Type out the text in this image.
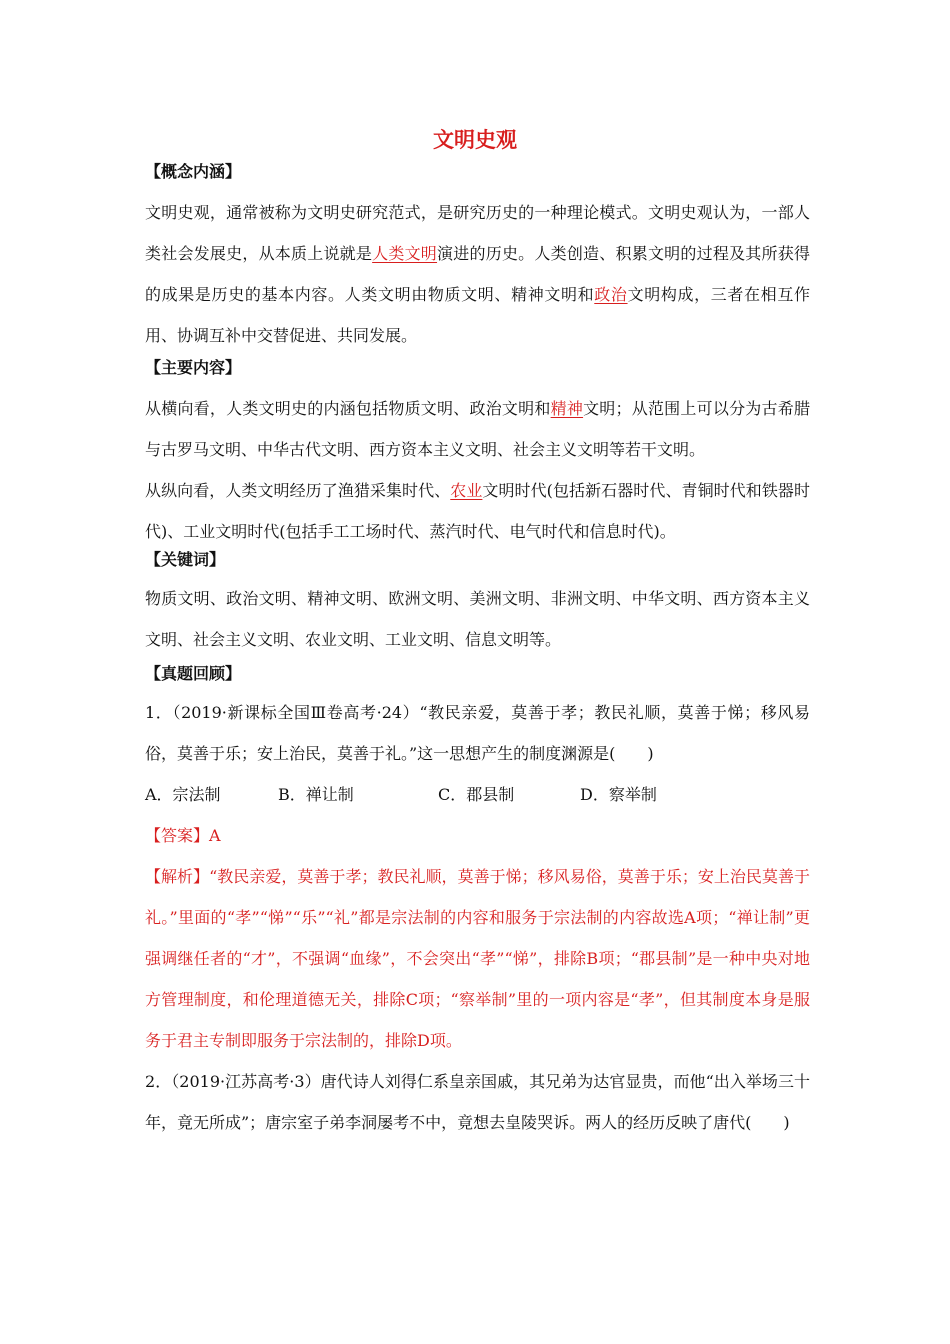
文明史观
【概念内涵】
文明史观，通常被称为文明史研究范式，是研究历史的一种理论模式。文明史观认为，一部人类社会发展史，从本质上说就是人类文明演进的历史。人类创造、积累文明的过程及其所获得的成果是历史的基本内容。人类文明由物质文明、精神文明和政治文明构成，三者在相互作用、协调互补中交替促进、共同发展。
【主要内容】
从横向看，人类文明史的内涵包括物质文明、政治文明和精神文明；从范围上可以分为古希腊与古罗马文明、中华古代文明、西方资本主义文明、社会主义文明等若干文明。
从纵向看，人类文明经历了渔猎采集时代、农业文明时代(包括新石器时代、青铜时代和铁器时代)、工业文明时代(包括手工工场时代、蒸汽时代、电气时代和信息时代)。
【关键词】
物质文明、政治文明、精神文明、欧洲文明、美洲文明、非洲文明、中华文明、西方资本主义文明、社会主义文明、农业文明、工业文明、信息文明等。
【真题回顾】
1．（2019·新课标全国Ⅲ卷高考·24）“教民亲爱，莫善于孝；教民礼顺，莫善于悌；移风易俗，莫善于乐；安上治民，莫善于礼。”这一思想产生的制度渊源是(　　)
A．宗法制	B．禅让制	C．郡县制	D．察举制
【答案】A
【解析】“教民亲爱，莫善于孝；教民礼顺，莫善于悌；移风易俗，莫善于乐；安上治民莫善于礼。”里面的“孝”“悌”“乐”“礼”都是宗法制的内容和服务于宗法制的内容故选A项；“禅让制”更强调继任者的“才”，不强调“血缘”，不会突出“孝”“悌”，排除B项；“郡县制”是一种中央对地方管理制度，和伦理道德无关，排除C项；“察举制”里的一项内容是“孝”，但其制度本身是服务于君主专制即服务于宗法制的，排除D项。
2．（2019·江苏高考·3）唐代诗人刘得仁系皇亲国戚，其兄弟为达官显贵，而他“出入举场三十年，竟无所成”；唐宗室子弟李洞屡考不中，竟想去皇陵哭诉。两人的经历反映了唐代(　　)
